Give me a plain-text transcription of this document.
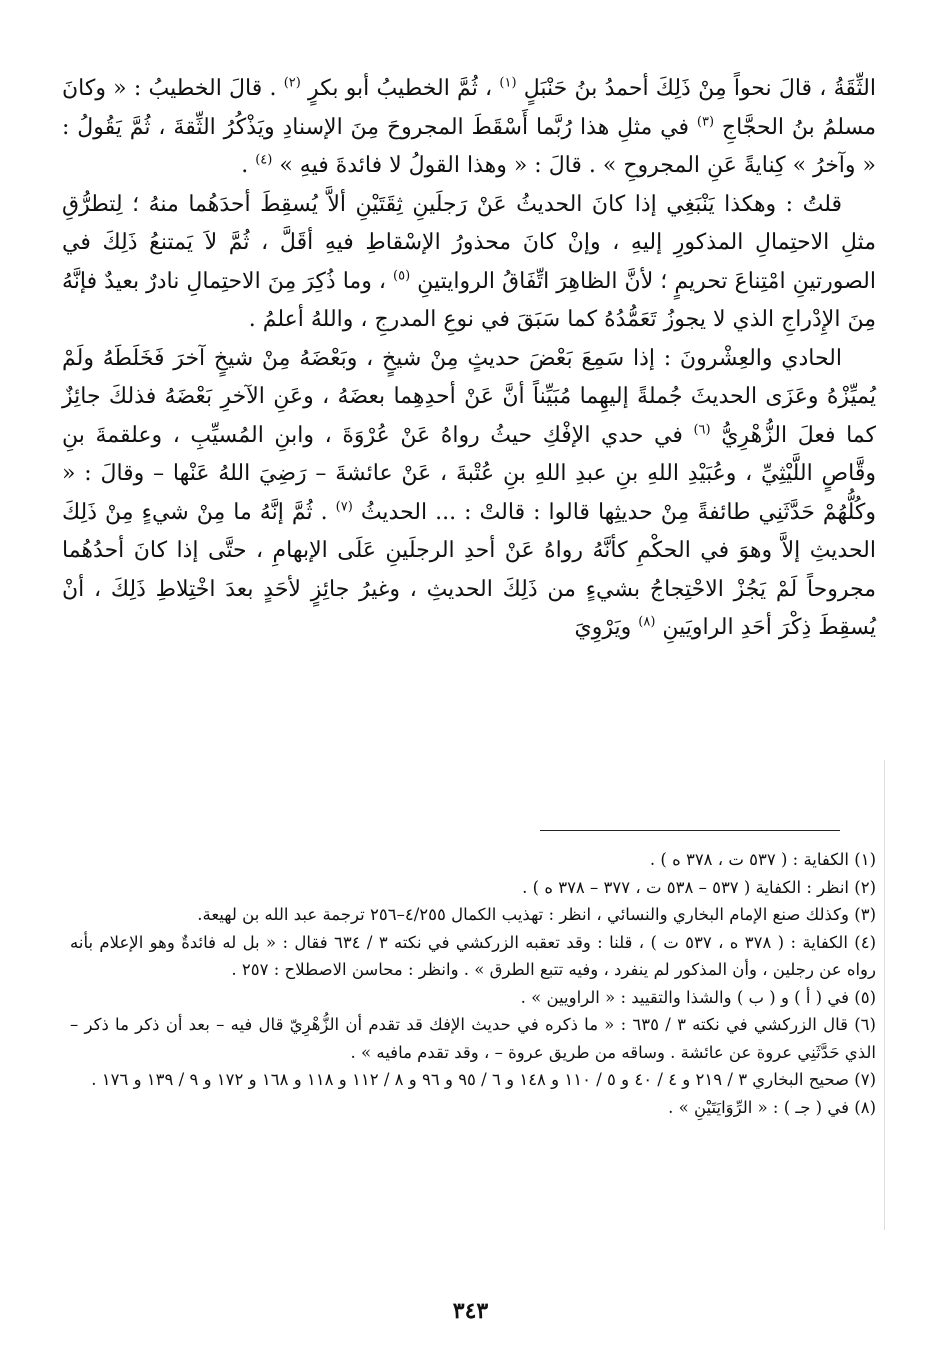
الثِّقَةُ ، قالَ نحواً مِنْ ذَلِكَ أحمدُ بنُ حَنْبَلٍ $^{(١)}$ ، ثُمَّ الخطيبُ أبو بكرٍ $^{(٢)}$ . قالَ الخطيبُ : « وكانَ مسلمُ بنُ الحجَّاجِ $^{(٣)}$ في مثلِ هذا رُبَّما أَسْقَطَ المجروحَ مِنَ الإسنادِ ويَذْكُرُ الثِّقةَ ، ثُمَّ يَقُولُ : « وآخرُ » كِنايةً عَنِ المجروحِ » . قالَ : « وهذا القولُ لا فائدةَ فيهِ » $^{(٤)}$ .

قلتُ : وهكذا يَنْبَغِي إذا كانَ الحديثُ عَنْ رَجلَينِ ثِقَتَيْنِ ألاَّ يُسقِطَ أحدَهُما منهُ ؛ لِتطرُّقِ مثلِ الاحتِمالِ المذكورِ إليهِ ، وإنْ كانَ محذورُ الإسْقاطِ فيهِ أقَلَّ ، ثُمَّ لاَ يَمتنعُ ذَلِكَ في الصورتينِ امْتِناعَ تحريمٍ ؛ لأنَّ الظاهِرَ اتِّفَاقُ الروايتينِ $^{(٥)}$ ، وما ذُكِرَ مِنَ الاحتِمالِ نادرٌ بعيدٌ فإنَّهُ مِنَ الإِدْراجِ الذي لا يجوزُ تَعَمُّدُهُ كما سَبَقَ في نوعِ المدرجِ ، واللهُ أعلمُ .

الحادي والعِشْرونَ : إذا سَمِعَ بَعْضَ حديثٍ مِنْ شيخٍ ، وبَعْضَهُ مِنْ شيخٍ آخرَ فَخَلَطَهُ ولَمْ يُميِّزْهُ وعَزَى الحديثَ جُملةً إليهِما مُبَيِّناً أنَّ عَنْ أحدِهِما بعضَهُ ، وعَنِ الآخرِ بَعْضَهُ فذلكَ جائِزٌ كما فعلَ الزُّهْرِيُّ $^{(٦)}$ في حدي الإفْكِ حيثُ رواهُ عَنْ عُرْوَةَ ، وابنِ المُسيِّبِ ، وعلقمةَ بنِ وقَّاصٍ اللَّيْثِيِّ ، وعُبَيْدِ اللهِ بنِ عبدِ اللهِ بنِ عُتْبةَ ، عَنْ عائشةَ – رَضِيَ اللهُ عَنْها – وقالَ : « وكُلُّهُمْ حَدَّثَنِي طائفةً مِنْ حديثِها قالوا : قالتْ : ... الحديثُ $^{(٧)}$ . ثُمَّ إنَّهُ ما مِنْ شيءٍ مِنْ ذَلِكَ الحديثِ إلاَّ وهوَ في الحكْمِ كأنَّهُ رواهُ عَنْ أحدِ الرجلَينِ عَلَى الإبهامِ ، حتَّى إذا كانَ أحدُهُما مجروحاً لَمْ يَجُزْ الاحْتِجاجُ بشيءٍ من ذَلِكَ الحديثِ ، وغيرُ جائِزٍ لأحَدٍ بعدَ اخْتِلاطِ ذَلِكَ ، أنْ يُسقِطَ ذِكْرَ أحَدِ الراويَينِ $^{(٨)}$ ويَرْوِيَ

(١) الكفاية : ( ٥٣٧ ت ، ٣٧٨ ه ) .

(٢) انظر : الكفاية ( ٥٣٧ – ٥٣٨ ت ، ٣٧٧ – ٣٧٨ ه ) .

(٣) وكذلك صنع الإمام البخاري والنسائي ، انظر : تهذيب الكمال ٤/٢٥٥–٢٥٦ ترجمة عبد الله بن لهيعة.

(٤) الكفاية : ( ٣٧٨ ه ، ٥٣٧ ت ) ، قلنا : وقد تعقبه الزركشي في نكته ٣ / ٦٣٤ فقال : « بل له فائدةٌ وهو الإعلام بأنه رواه عن رجلين ، وأن المذكور لم ينفرد ، وفيه تتبع الطرق » . وانظر : محاسن الاصطلاح : ٢٥٧ .

(٥) في ( أ ) و ( ب ) والشذا والتقييد : « الراويين » .

(٦) قال الزركشي في نكته ٣ / ٦٣٥ : « ما ذكره في حديث الإفك قد تقدم أن الزُّهْرِيّ قال فيه – بعد أن ذكر ما ذكر – الذي حَدَّثَنِي عروة عن عائشة . وساقه من طريق عروة – ، وقد تقدم مافيه » .

(٧) صحيح البخاري ٣ / ٢١٩ و ٤ / ٤٠ و ٥ / ١١٠ و ١٤٨ و ٦ / ٩٥ و ٩٦ و ٨ / ١١٢ و ١١٨ و ١٦٨ و ١٧٢ و ٩ / ١٣٩ و ١٧٦ .

(٨) في ( جـ ) : « الرِّوَايَتَيْنِ » .

٣٤٣
